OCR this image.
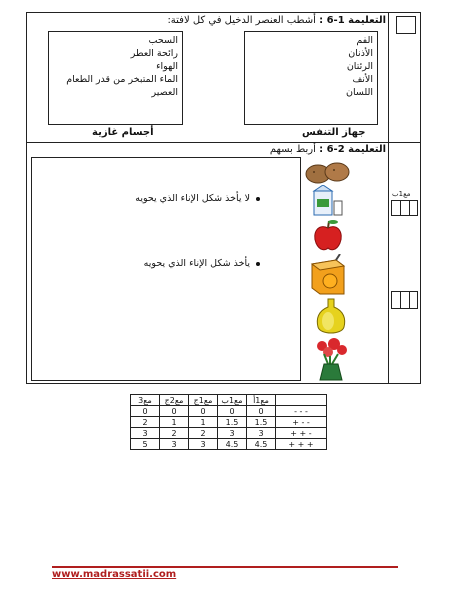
مع1ب
التعليمة 1-6 : أشطب العنصر الدخيل في كل لافتة:
السحب
رائحة العطر
الهواء
الماء المتبخر من قدر الطعام
العصير
أجسام غازية
الفم
الأذنان
الرئتان
الأنف
اللسان
جهاز التنفس
التعليمة 2-6 : أربط بسهم
لا يأخذ شكل الإناء الذي يحويه
يأخذ شكل الإناء الذي يحويه
مع3	مع2ج	مع1ج	مع1ب	مع1أ	
0	0	0	0	0	- - -
2	1	1	1.5	1.5	+ - -
3	2	2	3	3	+ + -
5	3	3	4.5	4.5	+ + +
www.madrassatii.com
